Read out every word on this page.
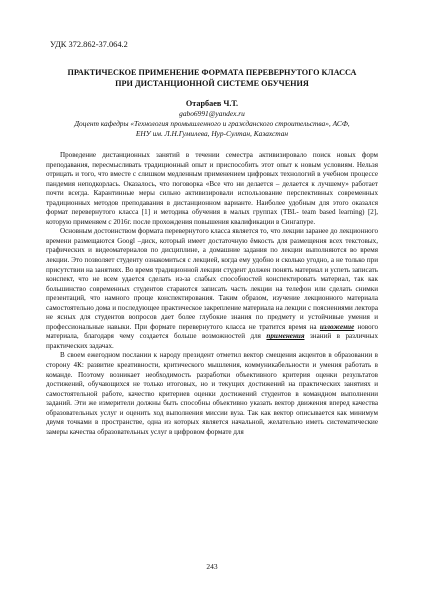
УДК 372.862-37.064.2
ПРАКТИЧЕСКОЕ ПРИМЕНЕНИЕ ФОРМАТА ПЕРЕВЕРНУТОГО КЛАССА
ПРИ ДИСТАНЦИОННОЙ СИСТЕМЕ ОБУЧЕНИЯ
Отарбаев Ч.Т.
gabo6991@yandex.ru
Доцент кафедры «Технология промышленного и гражданского строительства», АСФ,
ЕНУ им. Л.Н.Гумилева, Нур-Султан, Казахстан

Проведение дистанционных занятий в течении семестра активизировало поиск новых форм преподавания, пересмысливать традиционный опыт и приспособить этот опыт к новым условиям. Нельзя отрицать и того, что вместе с слишком медленным применением цифровых технологий в учебном процессе пандемия неподкорлась. Оказалось, что поговорка «Все что ни делается – делается к лучшему» работает почти всегда. Карантинные меры сильно активизировали использование перспективных современных традиционных методов преподавания в дистанционном варианте. Наиболее удобным для этого оказался формат перевернутого класса [1] и методика обучения в малых группах (TBL- team based learning) [2], которую применяем с 2016г. после прохождения повышения квалификации в Сингапуре.

Основным достоинством формата перевернутого класса является то, что лекции заранее до лекционного времени размещаются Googl –диск, который имеет достаточную ёмкость для размещения всех текстовых, графических и видеоматериалов по дисциплине, а домашние задания по лекции выполняются во время лекции. Это позволяет студенту ознакомиться с лекцией, когда ему удобно и сколько угодно, а не только при присутствии на занятиях. Во время традиционной лекции студент должен понять материал и успеть записать конспект, что не всем удается сделать из-за слабых способностей конспектировать материал, так как большинство современных студентов стараются записать часть лекции на телефон или сделать снимки презентаций, что намного проще конспектирования. Таким образом, изучение лекционного материала самостоятельно дома и последующее практическое закрепление материала на лекции с пояснениями лектора не ясных для студентов вопросов дает более глубокие знания по предмету и устойчивые умения и профессиональные навыки. При формате перевернутого класса не тратится время на изложение нового материала, благодаря чему создается больше возможностей для применения знаний в различных практических задачах.

В своем ежегодном послании к народу президент отметил вектор смещения акцентов в образовании в сторону 4К: развитие креативности, критического мышления, коммуникабельности и умения работать в команде. Поэтому возникает необходимость разработки объективного критерия оценки результатов достижений, обучающихся не только итоговых, но и текущих достижений на практических занятиях и самостоятельной работе, качество критериев оценки достижений студентов в командном выполнении заданий. Эти же измерители должны быть способны объективно указать вектор движения вперед качества образовательных услуг и оценить ход выполнения миссии вуза. Так как вектор описывается как минимум двумя точками в пространстве, одна из которых является начальной, желательно иметь систематические замеры качества образовательных услуг в цифровом формате для

243
